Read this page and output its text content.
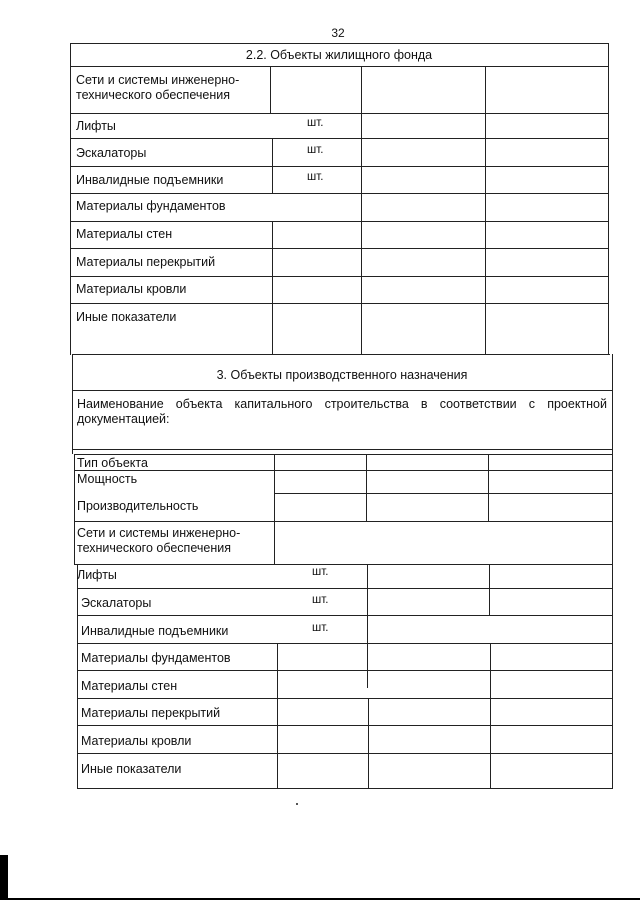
32
2.2. Объекты жилищного фонда
Сети и системы инженерно-технического обеспечения
Лифты
Эскалаторы
Инвалидные подъемники
Материалы фундаментов
Материалы стен
Материалы перекрытий
Материалы кровли
Иные показатели
шт.
шт.
шт.
3. Объекты производственного назначения
Наименование объекта капитального строительства в соответствии с проектной документацией:
Тип объекта
Мощность
Производительность
Сети и системы инженерно-технического обеспечения
Лифты
Эскалаторы
Инвалидные подъемники
Материалы фундаментов
Материалы стен
Материалы перекрытий
Материалы кровли
Иные показатели
шт.
шт.
шт.
